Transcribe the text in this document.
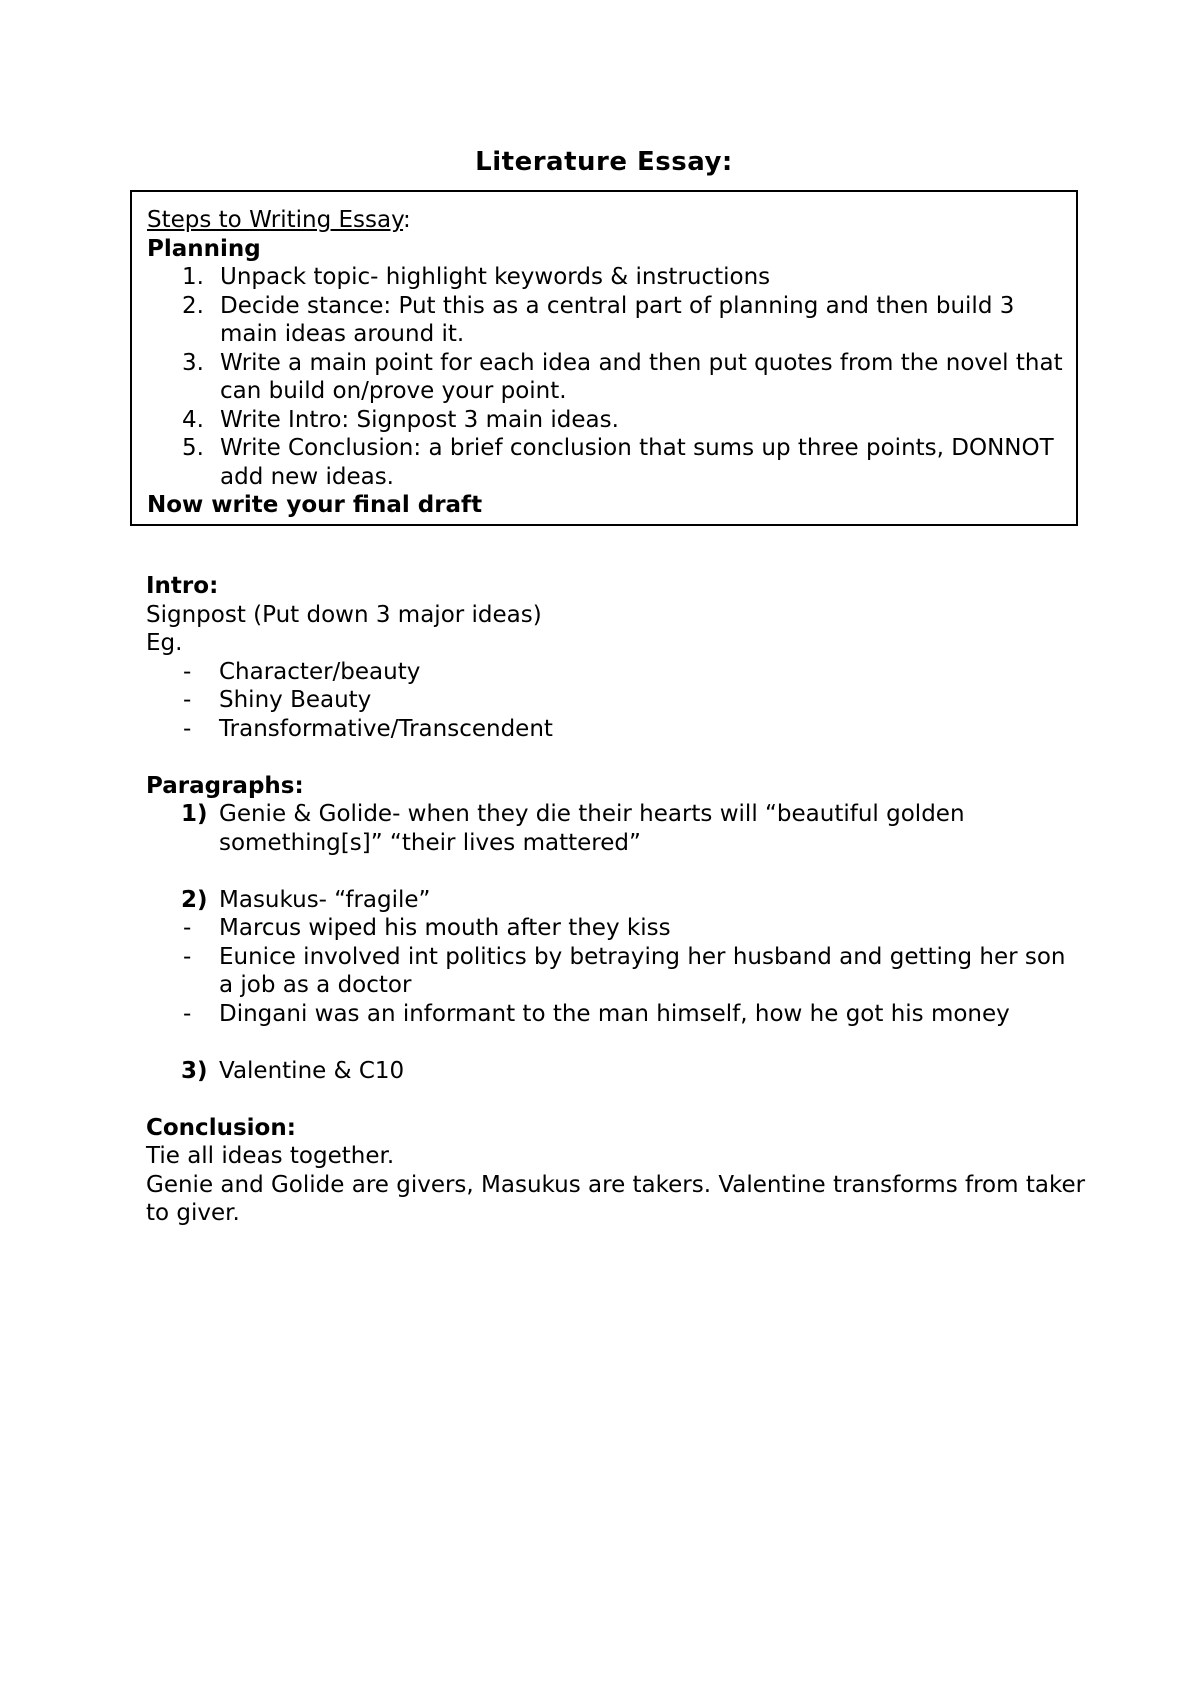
Literature Essay:
Steps to Writing Essay:
Planning
1. Unpack topic- highlight keywords & instructions
2. Decide stance: Put this as a central part of planning and then build 3 main ideas around it.
3. Write a main point for each idea and then put quotes from the novel that can build on/prove your point.
4. Write Intro: Signpost 3 main ideas.
5. Write Conclusion: a brief conclusion that sums up three points, DONNOT add new ideas.
Now write your final draft
Intro:
Signpost (Put down 3 major ideas)
Eg.
- Character/beauty
- Shiny Beauty
- Transformative/Transcendent
Paragraphs:
1) Genie & Golide- when they die their hearts will “beautiful golden something[s]” “their lives mattered”
2) Masukus- “fragile”
- Marcus wiped his mouth after they kiss
- Eunice involved int politics by betraying her husband and getting her son a job as a doctor
- Dingani was an informant to the man himself, how he got his money
3) Valentine & C10
Conclusion:
Tie all ideas together.
Genie and Golide are givers, Masukus are takers. Valentine transforms from taker to giver.
